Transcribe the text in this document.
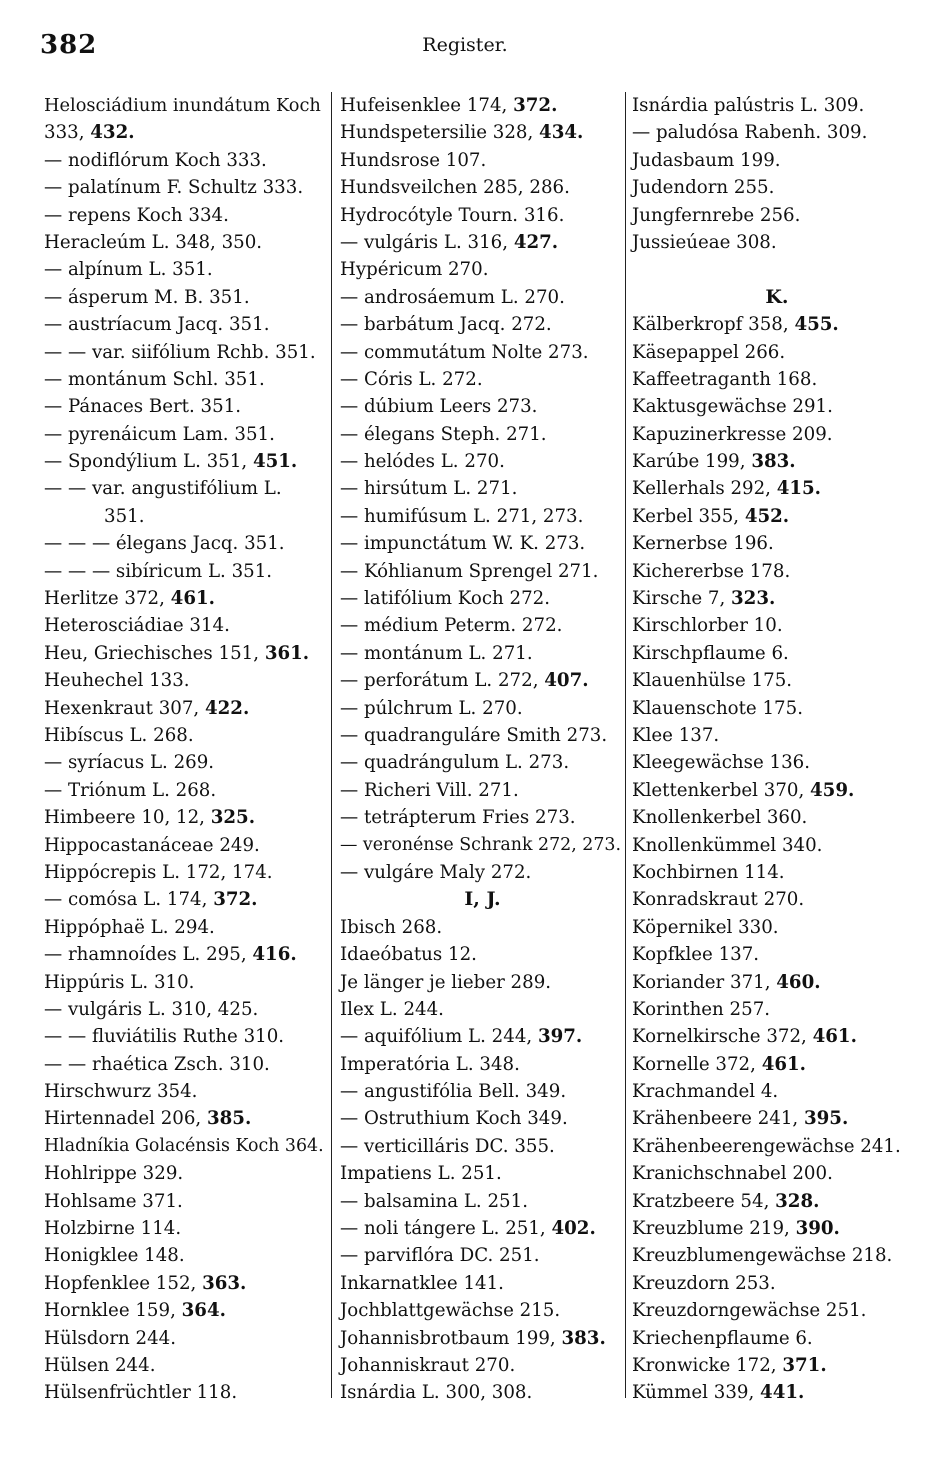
382	Register.
Helosciádium inundátum Koch
333, 432.
— nodiflórum Koch 333.
— palatínum F. Schultz 333.
— repens Koch 334.
Heracleúm L. 348, 350.
— alpínum L. 351.
— ásperum M. B. 351.
— austríacum Jacq. 351.
— — var. siifólium Rchb. 351.
— montánum Schl. 351.
— Pánaces Bert. 351.
— pyrenáicum Lam. 351.
— Spondýlium L. 351, 451.
— — var. angustifólium L.
351.
— — — élegans Jacq. 351.
— — — sibíricum L. 351.
Herlitze 372, 461.
Heterosciádiae 314.
Heu, Griechisches 151, 361.
Heuhechel 133.
Hexenkraut 307, 422.
Hibíscus L. 268.
— syríacus L. 269.
— Triónum L. 268.
Himbeere 10, 12, 325.
Hippocastanáceae 249.
Hippócrepis L. 172, 174.
— comósa L. 174, 372.
Hippóphaë L. 294.
— rhamnoídes L. 295, 416.
Hippúris L. 310.
— vulgáris L. 310, 425.
— — fluviátilis Ruthe 310.
— — rhaética Zsch. 310.
Hirschwurz 354.
Hirtennadel 206, 385.
Hladníkia Golacénsis Koch 364.
Hohlrippe 329.
Hohlsame 371.
Holzbirne 114.
Honigklee 148.
Hopfenklee 152, 363.
Hornklee 159, 364.
Hülsdorn 244.
Hülsen 244.
Hülsenfrüchtler 118.
Hufeisenklee 174, 372.
Hundspetersilie 328, 434.
Hundsrose 107.
Hundsveilchen 285, 286.
Hydrocótyle Tourn. 316.
— vulgáris L. 316, 427.
Hypéricum 270.
— androsáemum L. 270.
— barbátum Jacq. 272.
— commutátum Nolte 273.
— Córis L. 272.
— dúbium Leers 273.
— élegans Steph. 271.
— helódes L. 270.
— hirsútum L. 271.
— humifúsum L. 271, 273.
— impunctátum W. K. 273.
— Kóhlianum Sprengel 271.
— latifólium Koch 272.
— médium Peterm. 272.
— montánum L. 271.
— perforátum L. 272, 407.
— púlchrum L. 270.
— quadranguláre Smith 273.
— quadrángulum L. 273.
— Richeri Vill. 271.
— tetrápterum Fries 273.
— veronénse Schrank 272, 273.
— vulgáre Maly 272.
I, J.
Ibisch 268.
Idaeóbatus 12.
Je länger je lieber 289.
Ilex L. 244.
— aquifólium L. 244, 397.
Imperatória L. 348.
— angustifólia Bell. 349.
— Ostruthium Koch 349.
— verticilláris DC. 355.
Impatiens L. 251.
— balsamina L. 251.
— noli tángere L. 251, 402.
— parviflóra DC. 251.
Inkarnatklee 141.
Jochblattgewächse 215.
Johannisbrotbaum 199, 383.
Johanniskraut 270.
Isnárdia L. 300, 308.
Isnárdia palústris L. 309.
— paludósa Rabenh. 309.
Judasbaum 199.
Judendorn 255.
Jungfernrebe 256.
Jussieúeae 308.
K.
Kälberkropf 358, 455.
Käsepappel 266.
Kaffeetraganth 168.
Kaktusgewächse 291.
Kapuzinerkresse 209.
Karúbe 199, 383.
Kellerhals 292, 415.
Kerbel 355, 452.
Kernerbse 196.
Kichererbse 178.
Kirsche 7, 323.
Kirschlorber 10.
Kirschpflaume 6.
Klauenhülse 175.
Klauenschote 175.
Klee 137.
Kleegewächse 136.
Klettenkerbel 370, 459.
Knollenkerbel 360.
Knollenkümmel 340.
Kochbirnen 114.
Konradskraut 270.
Köpernikel 330.
Kopfklee 137.
Koriander 371, 460.
Korinthen 257.
Kornelkirsche 372, 461.
Kornelle 372, 461.
Krachmandel 4.
Krähenbeere 241, 395.
Krähenbeerengewächse 241.
Kranichschnabel 200.
Kratzbeere 54, 328.
Kreuzblume 219, 390.
Kreuzblumengewächse 218.
Kreuzdorn 253.
Kreuzdorngewächse 251.
Kriechenpflaume 6.
Kronwicke 172, 371.
Kümmel 339, 441.
